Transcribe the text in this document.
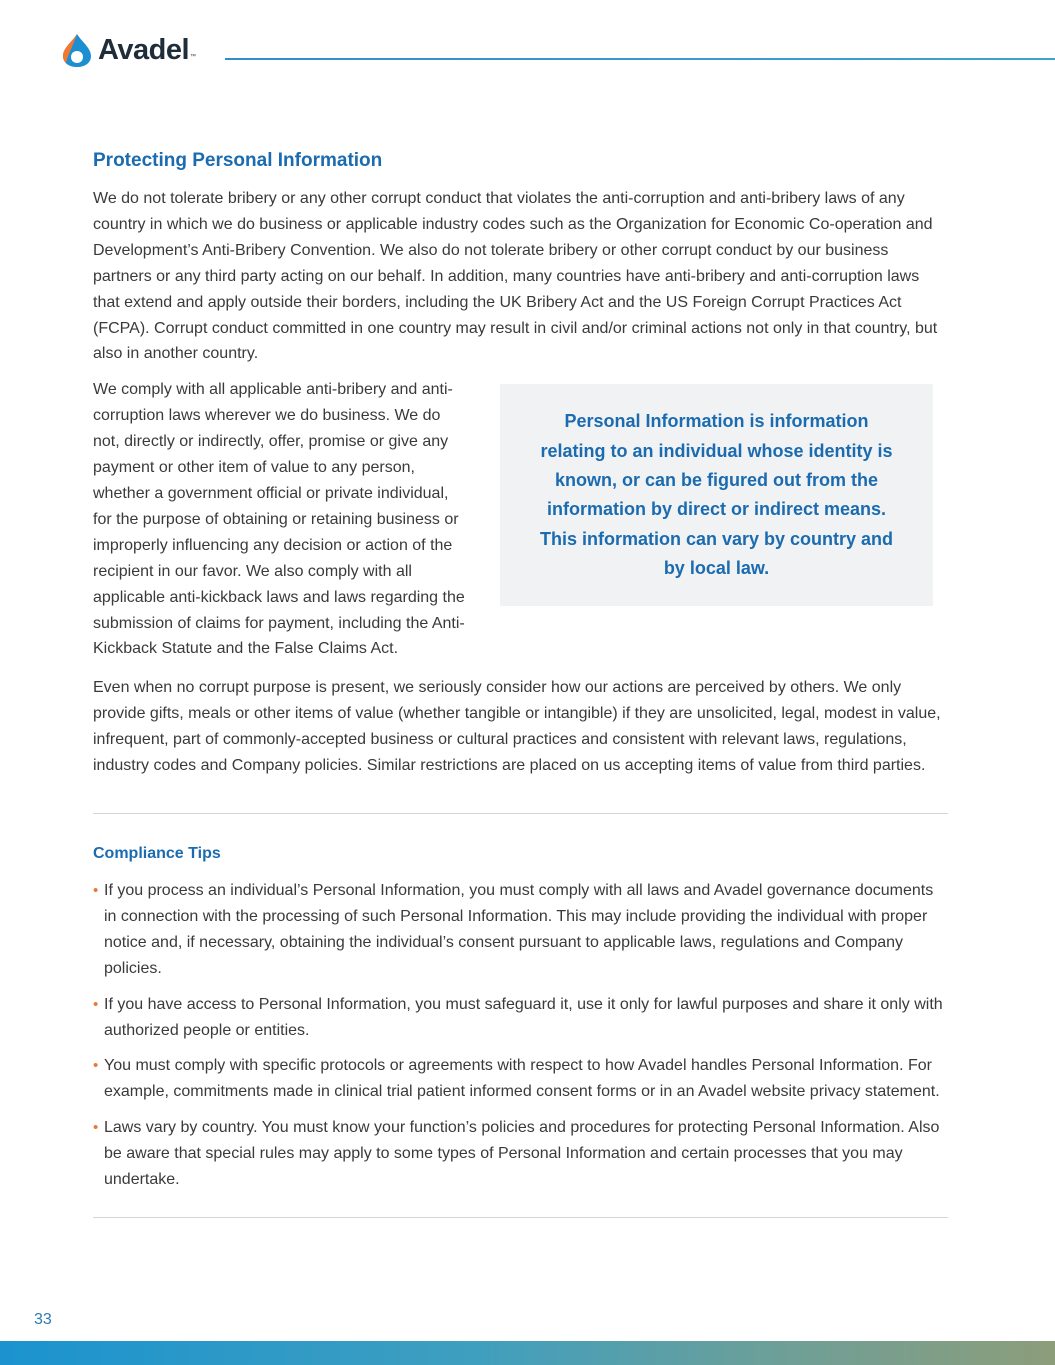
Avadel ™
Protecting Personal Information

We do not tolerate bribery or any other corrupt conduct that violates the anti-corruption and anti-bribery laws of any country in which we do business or applicable industry codes such as the Organization for Economic Co-operation and Development’s Anti-Bribery Convention. We also do not tolerate bribery or other corrupt conduct by our business partners or any third party acting on our behalf. In addition, many countries have anti-bribery and anti-corruption laws that extend and apply outside their borders, including the UK Bribery Act and the US Foreign Corrupt Practices Act (FCPA). Corrupt conduct committed in one country may result in civil and/or criminal actions not only in that country, but also in another country.

We comply with all applicable anti-bribery and anti-corruption laws wherever we do business. We do not, directly or indirectly, offer, promise or give any payment or other item of value to any person, whether a government official or private individual, for the purpose of obtaining or retaining business or improperly influencing any decision or action of the recipient in our favor. We also comply with all applicable anti-kickback laws and laws regarding the submission of claims for payment, including the Anti-Kickback Statute and the False Claims Act.

Personal Information is information relating to an individual whose identity is known, or can be figured out from the information by direct or indirect means. This information can vary by country and by local law.

Even when no corrupt purpose is present, we seriously consider how our actions are perceived by others. We only provide gifts, meals or other items of value (whether tangible or intangible) if they are unsolicited, legal, modest in value, infrequent, part of commonly-accepted business or cultural practices and consistent with relevant laws, regulations, industry codes and Company policies. Similar restrictions are placed on us accepting items of value from third parties.

Compliance Tips
• If you process an individual’s Personal Information, you must comply with all laws and Avadel governance documents in connection with the processing of such Personal Information. This may include providing the individual with proper notice and, if necessary, obtaining the individual’s consent pursuant to applicable laws, regulations and Company policies.
• If you have access to Personal Information, you must safeguard it, use it only for lawful purposes and share it only with authorized people or entities.
• You must comply with specific protocols or agreements with respect to how Avadel handles Personal Information. For example, commitments made in clinical trial patient informed consent forms or in an Avadel website privacy statement.
• Laws vary by country. You must know your function’s policies and procedures for protecting Personal Information. Also be aware that special rules may apply to some types of Personal Information and certain processes that you may undertake.
33
